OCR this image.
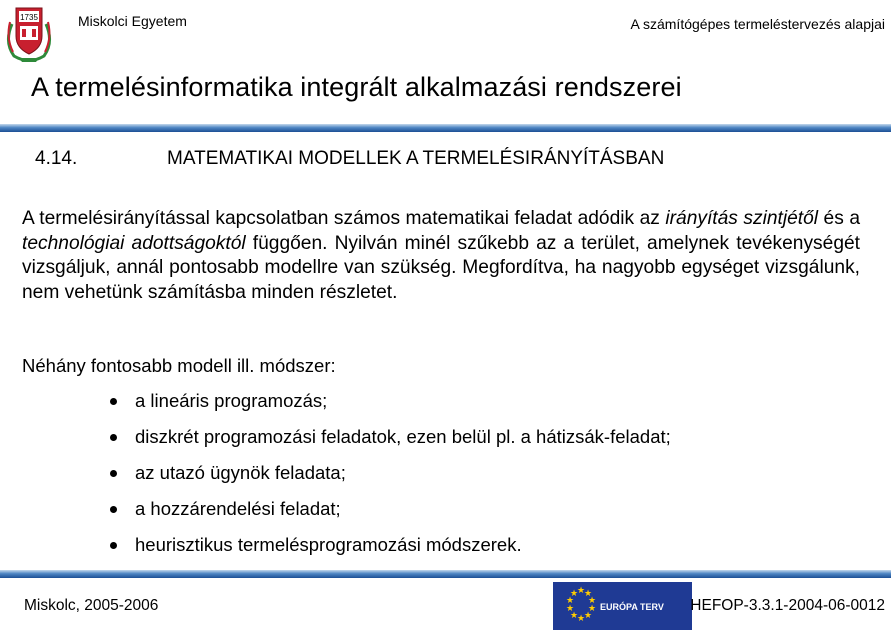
1735	Miskolci Egyetem	A számítógépes termeléstervezés alapjai
A termelésinformatika integrált alkalmazási rendszerei
4.14.	MATEMATIKAI MODELLEK A TERMELÉSIRÁNYÍTÁSBAN

A termelésirányítással kapcsolatban számos matematikai feladat adódik az irányítás szintjétől és a technológiai adottságoktól függően. Nyilván minél szűkebb az a terület, amelynek tevékenységét vizsgáljuk, annál pontosabb modellre van szükség. Megfordítva, ha nagyobb egységet vizsgálunk, nem vehetünk számításba minden részletet.

Néhány fontosabb modell ill. módszer:
a lineáris programozás;
diszkrét programozási feladatok, ezen belül pl. a hátizsák-feladat;
az utazó ügynök feladata;
a hozzárendelési feladat;
heurisztikus termelésprogramozási módszerek.
Miskolc, 2005-2006
★
★
★
★
★
★
★
★
★
★
EURÓPA TERV HEFOP-3.3.1-2004-06-0012
